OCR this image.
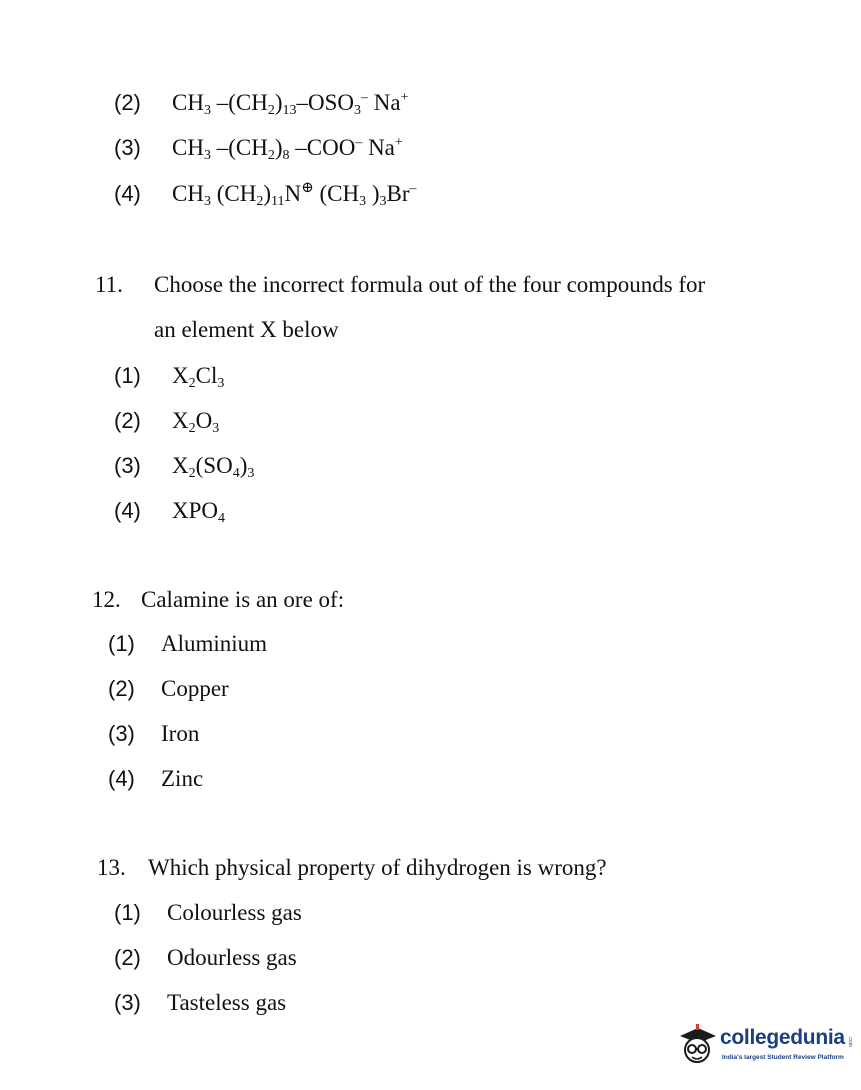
(2) $CH_3$ $-(CH_2)_{13}-OSO_3^-$ Na+
(3) $CH_3$ $-(CH_2)_8$ –COO– Na+
(4) $CH_3$ $(CH_2)_{11}N^\oplus$ ($CH_3$ )$_3Br^-$
11. Choose the incorrect formula out of the four compounds for
an element X below
(1) $X_2Cl_3$
(2) $X_2O_3$
(3) $X_2(SO_4)_3$
(4) $XPO_4$
12. Calamine is an ore of:
(1) Aluminium
(2) Copper
(3) Iron
(4) Zinc
13. Which physical property of dihydrogen is wrong?
(1) Colourless gas
(2) Odourless gas
(3) Tasteless gas
collegedunia
India's largest Student Review Platform
.com
